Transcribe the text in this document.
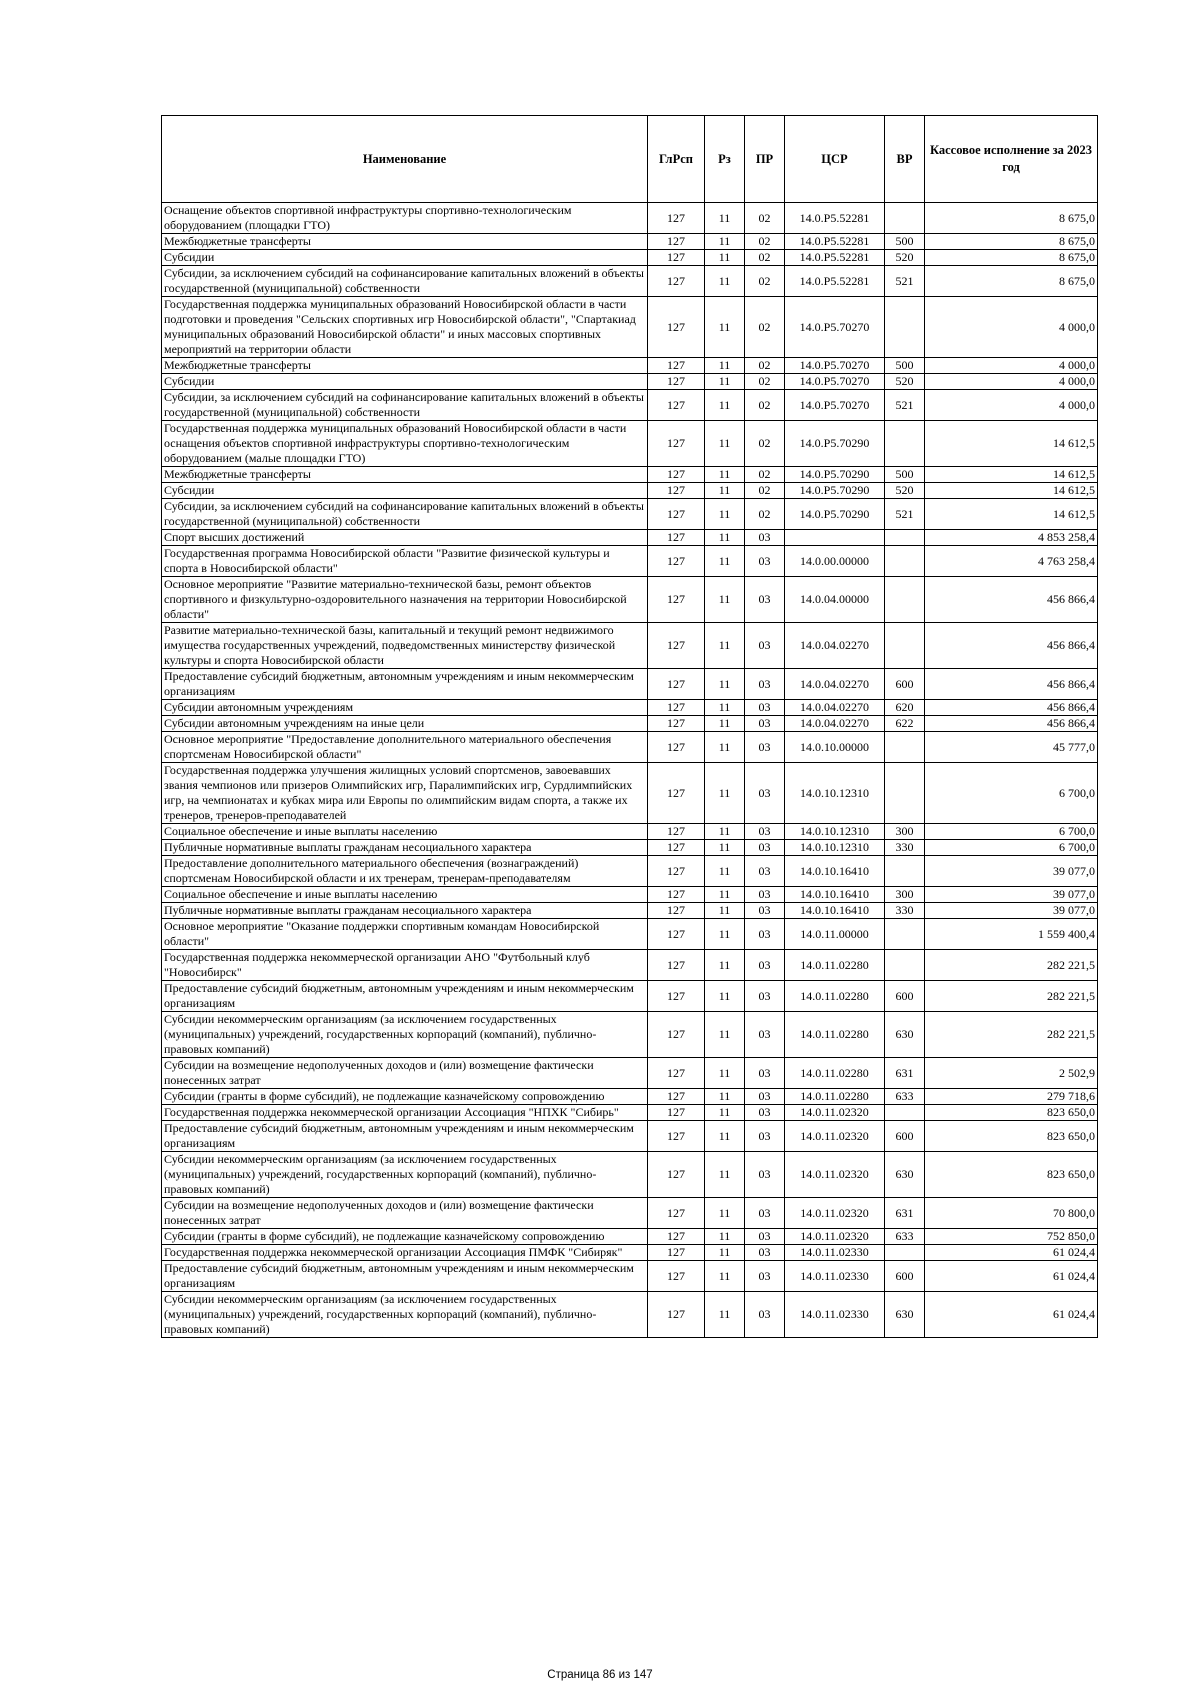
Наименование	ГлРсп	Рз	ПР	ЦСР	ВР	Кассовое исполнение за 2023 год
Оснащение объектов спортивной инфраструктуры спортивно-технологическим оборудованием (площадки ГТО)	127	11	02	14.0.P5.52281		8 675,0
Межбюджетные трансферты	127	11	02	14.0.P5.52281	500	8 675,0
Субсидии	127	11	02	14.0.P5.52281	520	8 675,0
Субсидии, за исключением субсидий на софинансирование капитальных вложений в объекты государственной (муниципальной) собственности	127	11	02	14.0.P5.52281	521	8 675,0
Государственная поддержка муниципальных образований Новосибирской области в части подготовки и проведения "Сельских спортивных игр Новосибирской области", "Спартакиад муниципальных образований Новосибирской области" и иных массовых спортивных мероприятий на территории области	127	11	02	14.0.P5.70270		4 000,0
Межбюджетные трансферты	127	11	02	14.0.P5.70270	500	4 000,0
Субсидии	127	11	02	14.0.P5.70270	520	4 000,0
Субсидии, за исключением субсидий на софинансирование капитальных вложений в объекты государственной (муниципальной) собственности	127	11	02	14.0.P5.70270	521	4 000,0
Государственная поддержка муниципальных образований Новосибирской области в части оснащения объектов спортивной инфраструктуры спортивно-технологическим оборудованием (малые площадки ГТО)	127	11	02	14.0.P5.70290		14 612,5
Межбюджетные трансферты	127	11	02	14.0.P5.70290	500	14 612,5
Субсидии	127	11	02	14.0.P5.70290	520	14 612,5
Субсидии, за исключением субсидий на софинансирование капитальных вложений в объекты государственной (муниципальной) собственности	127	11	02	14.0.P5.70290	521	14 612,5
Спорт высших достижений	127	11	03			4 853 258,4
Государственная программа Новосибирской области "Развитие физической культуры и спорта в Новосибирской области"	127	11	03	14.0.00.00000		4 763 258,4
Основное мероприятие "Развитие материально-технической базы, ремонт объектов спортивного и физкультурно-оздоровительного назначения на территории Новосибирской области"	127	11	03	14.0.04.00000		456 866,4
Развитие материально-технической базы, капитальный и текущий ремонт недвижимого имущества государственных учреждений, подведомственных министерству физической культуры и спорта Новосибирской области	127	11	03	14.0.04.02270		456 866,4
Предоставление субсидий бюджетным, автономным учреждениям и иным некоммерческим организациям	127	11	03	14.0.04.02270	600	456 866,4
Субсидии автономным учреждениям	127	11	03	14.0.04.02270	620	456 866,4
Субсидии автономным учреждениям на иные цели	127	11	03	14.0.04.02270	622	456 866,4
Основное мероприятие "Предоставление дополнительного материального обеспечения спортсменам Новосибирской области"	127	11	03	14.0.10.00000		45 777,0
Государственная поддержка улучшения жилищных условий спортсменов, завоевавших звания чемпионов или призеров Олимпийских игр, Паралимпийских игр, Сурдлимпийских игр, на чемпионатах и кубках мира или Европы по олимпийским видам спорта, а также их тренеров, тренеров-преподавателей	127	11	03	14.0.10.12310		6 700,0
Социальное обеспечение и иные выплаты населению	127	11	03	14.0.10.12310	300	6 700,0
Публичные нормативные выплаты гражданам несоциального характера	127	11	03	14.0.10.12310	330	6 700,0
Предоставление дополнительного материального обеспечения (вознаграждений) спортсменам Новосибирской области и их тренерам, тренерам-преподавателям	127	11	03	14.0.10.16410		39 077,0
Социальное обеспечение и иные выплаты населению	127	11	03	14.0.10.16410	300	39 077,0
Публичные нормативные выплаты гражданам несоциального характера	127	11	03	14.0.10.16410	330	39 077,0
Основное мероприятие "Оказание поддержки спортивным командам Новосибирской области"	127	11	03	14.0.11.00000		1 559 400,4
Государственная поддержка некоммерческой организации АНО "Футбольный клуб "Новосибирск"	127	11	03	14.0.11.02280		282 221,5
Предоставление субсидий бюджетным, автономным учреждениям и иным некоммерческим организациям	127	11	03	14.0.11.02280	600	282 221,5
Субсидии некоммерческим организациям (за исключением государственных (муниципальных) учреждений, государственных корпораций (компаний), публично-правовых компаний)	127	11	03	14.0.11.02280	630	282 221,5
Субсидии на возмещение недополученных доходов и (или) возмещение фактически понесенных затрат	127	11	03	14.0.11.02280	631	2 502,9
Субсидии (гранты в форме субсидий), не подлежащие казначейскому сопровождению	127	11	03	14.0.11.02280	633	279 718,6
Государственная поддержка некоммерческой организации Ассоциация "НПХК "Сибирь"	127	11	03	14.0.11.02320		823 650,0
Предоставление субсидий бюджетным, автономным учреждениям и иным некоммерческим организациям	127	11	03	14.0.11.02320	600	823 650,0
Субсидии некоммерческим организациям (за исключением государственных (муниципальных) учреждений, государственных корпораций (компаний), публично-правовых компаний)	127	11	03	14.0.11.02320	630	823 650,0
Субсидии на возмещение недополученных доходов и (или) возмещение фактически понесенных затрат	127	11	03	14.0.11.02320	631	70 800,0
Субсидии (гранты в форме субсидий), не подлежащие казначейскому сопровождению	127	11	03	14.0.11.02320	633	752 850,0
Государственная поддержка некоммерческой организации Ассоциация ПМФК "Сибиряк"	127	11	03	14.0.11.02330		61 024,4
Предоставление субсидий бюджетным, автономным учреждениям и иным некоммерческим организациям	127	11	03	14.0.11.02330	600	61 024,4
Субсидии некоммерческим организациям (за исключением государственных (муниципальных) учреждений, государственных корпораций (компаний), публично-правовых компаний)	127	11	03	14.0.11.02330	630	61 024,4
Страница 86 из 147
